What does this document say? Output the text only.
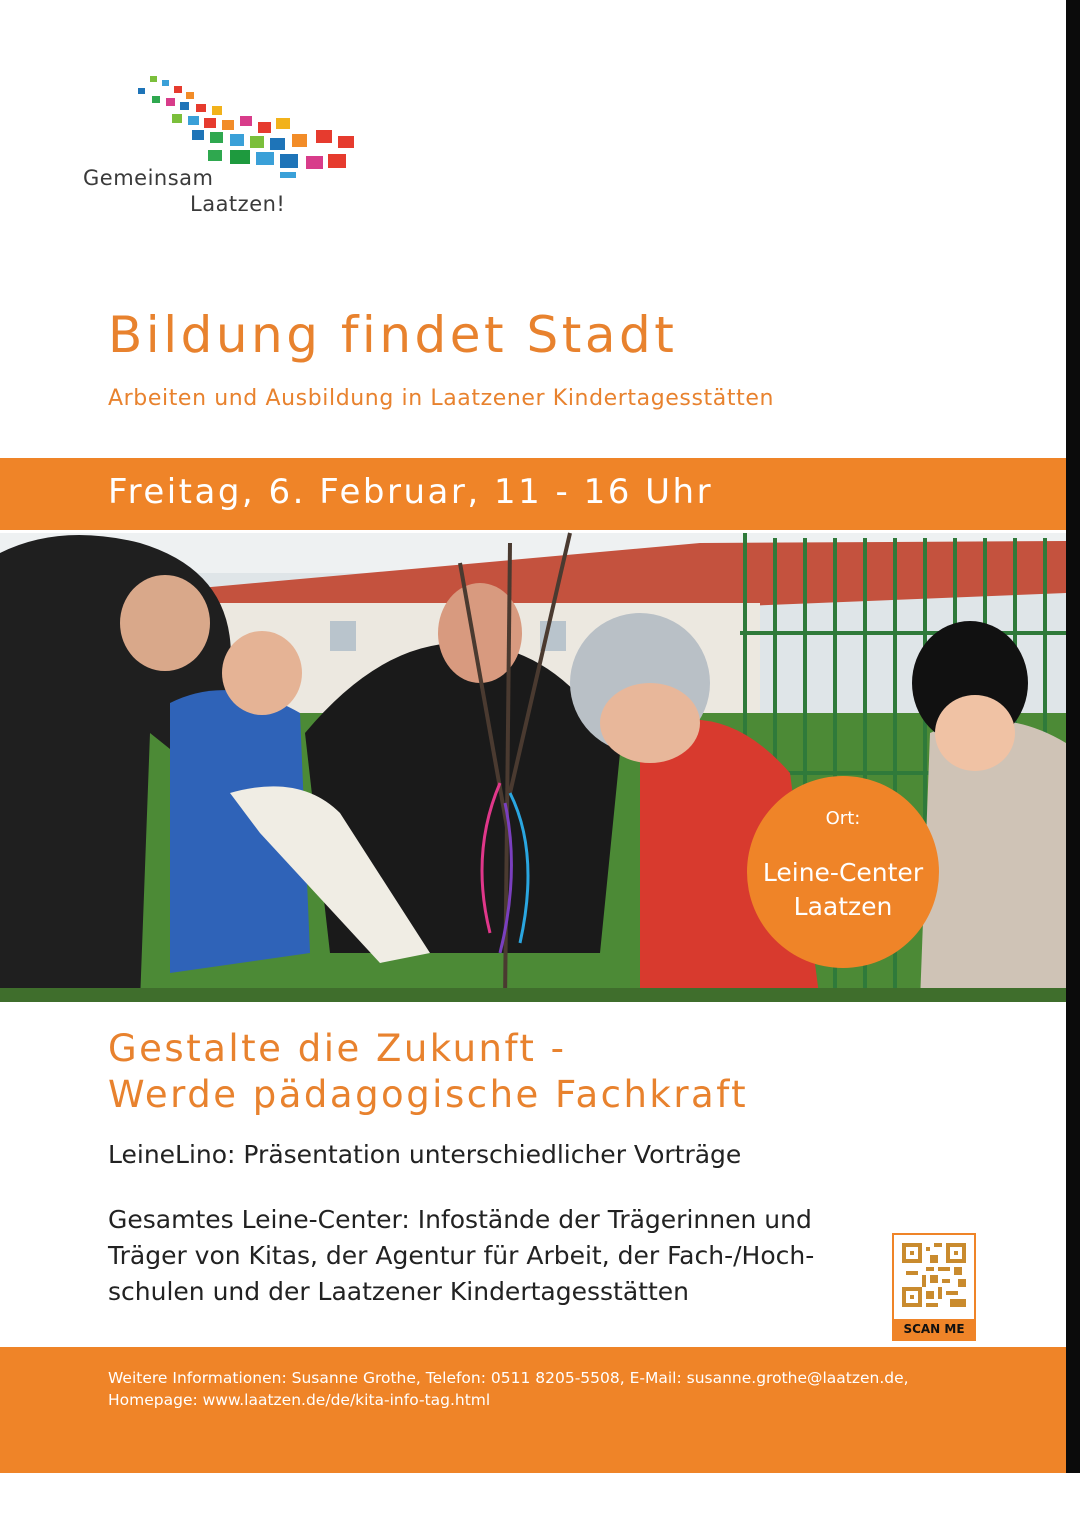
Gemeinsam
Laatzen!
Bildung findet Stadt
Arbeiten und Ausbildung in Laatzener Kindertagesstätten
Freitag, 6. Februar, 11 - 16 Uhr
Foto: © Pixabay
Ort:
Leine-Center
Laatzen
Gestalte die Zukunft -
Werde pädagogische Fachkraft
LeineLino: Präsentation unterschiedlicher Vorträge
Gesamtes Leine-Center: Infostände der Trägerinnen und
Träger von Kitas, der Agentur für Arbeit, der Fach-/Hoch-
schulen und der Laatzener Kindertagesstätten
SCAN ME
Weitere Informationen: Susanne Grothe, Telefon: 0511 8205-5508, E-Mail: susanne.grothe@laatzen.de,
Homepage: www.laatzen.de/de/kita-info-tag.html
